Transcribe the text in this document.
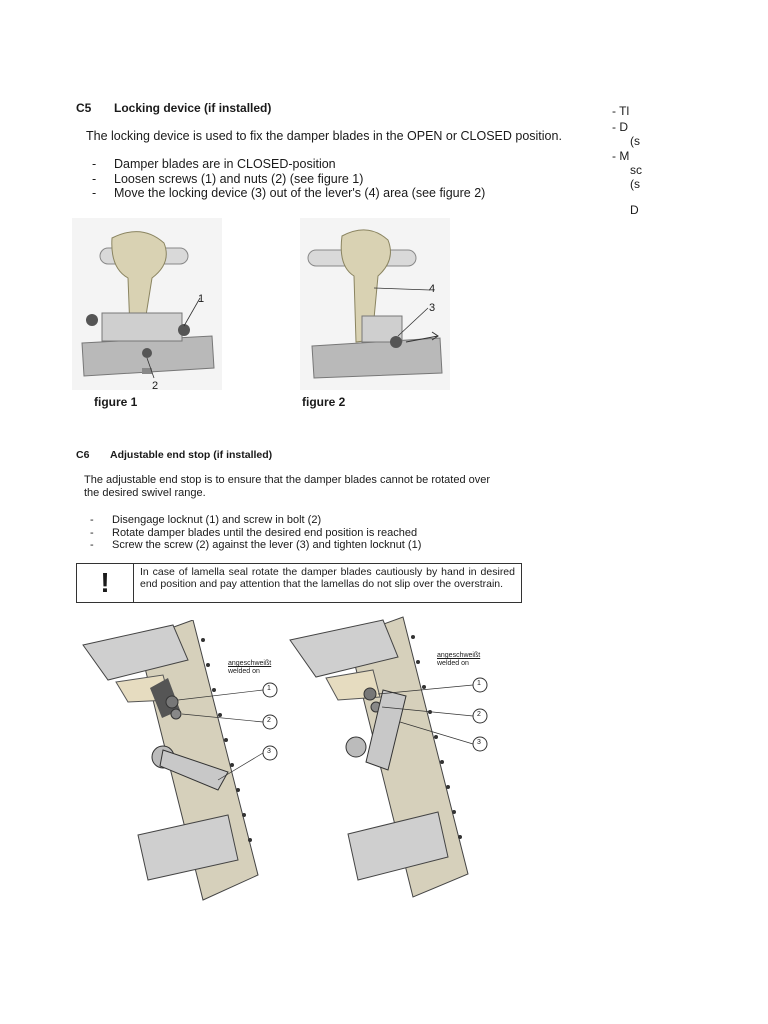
C5 Locking device (if installed)
The locking device is used to fix the damper blades in the OPEN or CLOSED position.
- Damper blades are in CLOSED-position
- Loosen screws (1) and nuts (2) (see figure 1)
- Move the locking device (3) out of the lever's (4) area (see figure 2)
1
2
figure 1
4
3
figure 2
C6 Adjustable end stop (if installed)
The adjustable end stop is to ensure that the damper blades cannot be rotated over
the desired swivel range.
- Disengage locknut (1) and screw in bolt (2)
- Rotate damper blades until the desired end position is reached
- Screw the screw (2) against the lever (3) and tighten locknut (1)
!	In case of lamella seal rotate the damper blades cautiously by hand in desired end position and pay attention that the lamellas do not slip over the overstrain.
angeschweißt
welded on
1
2
3
angeschweißt
welded on
1
2
3
- Tl
- D
(s
- M
sc
(s
D
